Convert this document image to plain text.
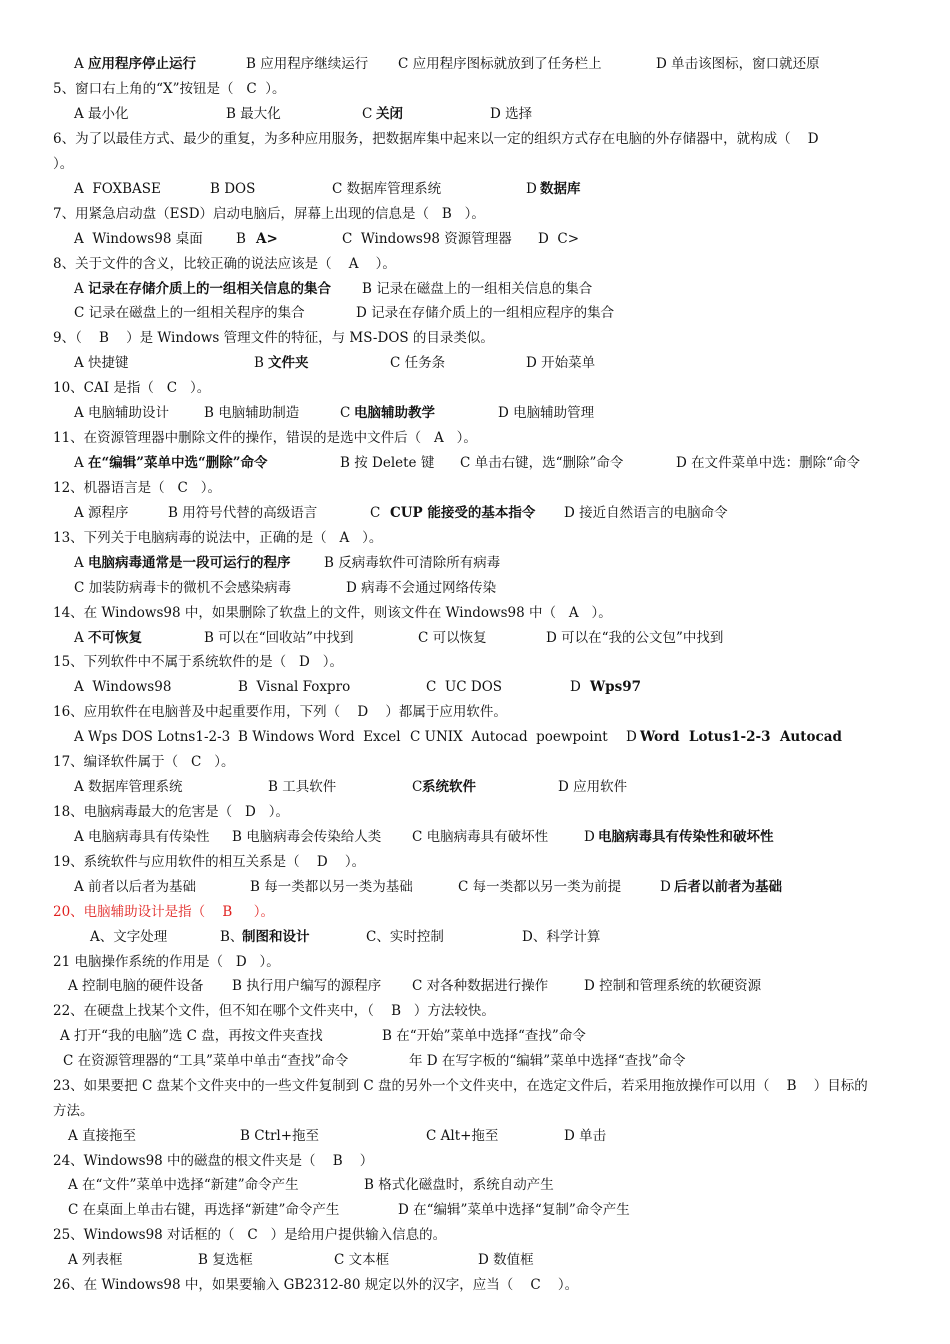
A 应用程序停止运行	B 应用程序继续运行 C 应用程序图标就放到了任务栏上	D 单击该图标，窗口就还原
5、窗口右上角的“X”按钮是（   C  ）。
A 最小化	B 最大化	C 关闭	D 选择
6、为了以最佳方式、最少的重复，为多种应用服务，把数据库集中起来以一定的组织方式存在电脑的外存储器中，就构成（    D
）。
A  FOXBASE	B DOS	C 数据库管理系统	D
数据库
7、用紧急启动盘（ESD）启动电脑后，屏幕上出现的信息是（   B   ）。
A  Windows98 桌面 B A>	C  Windows98 资源管理器 D  C>
8、关于文件的含义，比较正确的说法应该是（    A    ）。
A 记录在存储介质上的一组相关信息的集合 B 记录在磁盘上的一组相关信息的集合
C 记录在磁盘上的一组相关程序的集合	D 记录在存储介质上的一组相应程序的集合
9、（    B    ）是 Windows 管理文件的特征，与 MS-DOS 的目录类似。
A 快捷键	B 文件夹	C 任务条	D 开始菜单
10、CAI 是指（   C   ）。
A 电脑辅助设计	B 电脑辅助制造	C 电脑辅助教学	D 电脑辅助管理
11、在资源管理器中删除文件的操作，错误的是选中文件后（   A   ）。
A 在“编辑”菜单中选“删除”命令	B 按 Delete 键 C 单击右键，选“删除”命令	D 在文件菜单中选：删除“命令
12、机器语言是（   C   ）。
A 源程序	B 用符号代替的高级语言	C CUP 能接受的基本指令 D 接近自然语言的电脑命令
13、下列关于电脑病毒的说法中，正确的是（   A   ）。
A 电脑病毒通常是一段可运行的程序 B 反病毒软件可清除所有病毒
C 加装防病毒卡的微机不会感染病毒	D 病毒不会通过网络传染
14、在 Windows98 中，如果删除了软盘上的文件，则该文件在 Windows98 中（   A   ）。
A 不可恢复	B 可以在“回收站”中找到	C 可以恢复	D 可以在“我的公文包”中找到
15、下列软件中不属于系统软件的是（   D   ）。
A  Windows98	B  Visnal Foxpro	C  UC DOS	D Wps97
16、应用软件在电脑普及中起重要作用，下列（    D    ）都属于应用软件。
A Wps DOS Lotns1-2-3 B Windows Word  Excel C UNIX  Autocad  poewpoint D
Word  Lotus1-2-3  Autocad
17、编译软件属于（   C   ）。
A 数据库管理系统	B 工具软件	C 系统软件	D 应用软件
18、电脑病毒最大的危害是（   D   ）。
A 电脑病毒具有传染性 B 电脑病毒会传染给人类 C 电脑病毒具有破坏性	D
电脑病毒具有传染性和破坏性
19、系统软件与应用软件的相互关系是（    D    ）。
A 前者以后者为基础	B 每一类都以另一类为基础	C 每一类都以另一类为前提	D
后者以前者为基础
20、电脑辅助设计是指（    B     ）。
A、文字处理	B、
制图和设计	C、实时控制	D、科学计算
21 电脑操作系统的作用是（   D   ）。
A 控制电脑的硬件设备 B 执行用户编写的源程序 C 对各种数据进行操作	D 控制和管理系统的软硬资源
22、在硬盘上找某个文件，但不知在哪个文件夹中，（    B   ）方法较快。
A 打开“我的电脑”选 C 盘，再按文件夹查找	B 在“开始”菜单中选择“查找”命令
C 在资源管理器的“工具”菜单中单击“查找”命令	年 D 在写字板的“编辑”菜单中选择“查找”命令
23、如果要把 C 盘某个文件夹中的一些文件复制到 C 盘的另外一个文件夹中，在选定文件后，若采用拖放操作可以用（    B    ）目标的
方法。
A 直接拖至	B Ctrl+拖至	C Alt+拖至	D 单击
24、Windows98 中的磁盘的根文件夹是（    B    ）
A 在“文件”菜单中选择“新建”命令产生	B 格式化磁盘时，系统自动产生
C 在桌面上单击右键，再选择“新建”命令产生	D 在“编辑”菜单中选择“复制”命令产生
25、Windows98 对话框的（   C   ）是给用户提供输入信息的。
A 列表框	B 复选框	C 文本框	D 数值框
26、在 Windows98 中，如果要输入 GB2312-80 规定以外的汉字，应当（    C    ）。
